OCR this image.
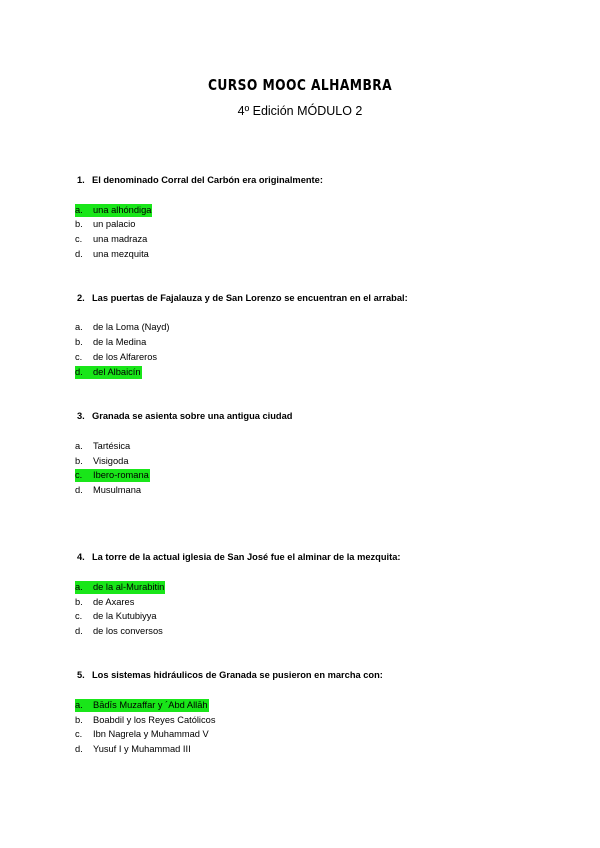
CURSO MOOC ALHAMBRA
4º Edición MÓDULO 2
1. El denominado Corral del Carbón era originalmente:
a. una alhóndiga
b. un palacio
c. una madraza
d. una mezquita
2. Las puertas de Fajalauza y de San Lorenzo se encuentran en el arrabal:
a. de la Loma (Nayd)
b. de la Medina
c. de los Alfareros
d. del Albaicín
3. Granada se asienta sobre una antigua ciudad
a. Tartésica
b. Visigoda
c. Ibero-romana
d. Musulmana
4. La torre de la actual iglesia de San José fue el alminar de la mezquita:
a. de la al-Murabitin
b. de Axares
c. de la Kutubiyya
d. de los conversos
5. Los sistemas hidráulicos de Granada se pusieron en marcha con:
a. Bādīs Muzaffar y ´Abd Allāh
b. Boabdil y los Reyes Católicos
c. Ibn Nagrela y Muhammad V
d. Yusuf I y Muhammad III
